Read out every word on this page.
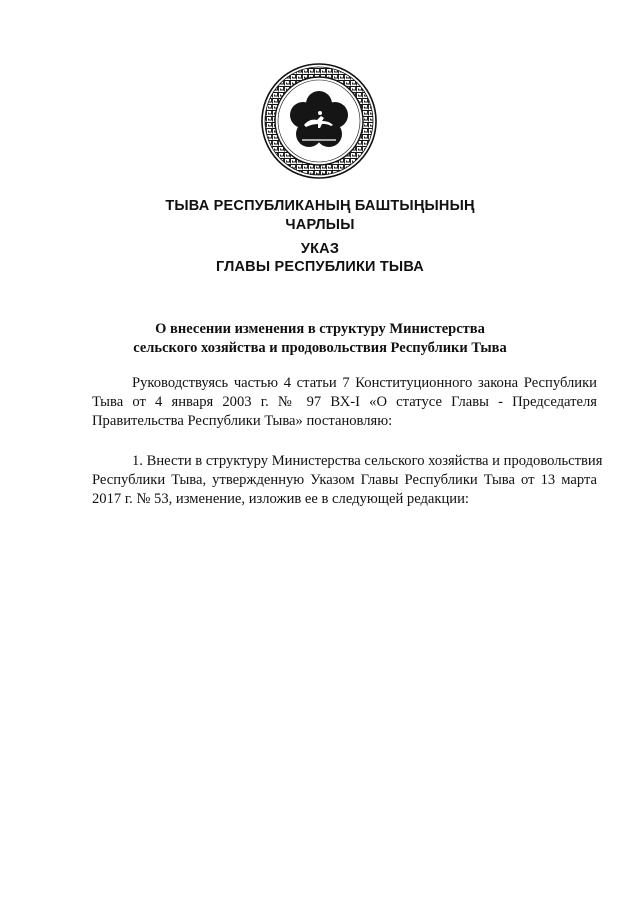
ТЫВА РЕСПУБЛИКАНЫҢ БАШТЫҢЫНЫҢ
ЧАРЛЫЫ
УКАЗ
ГЛАВЫ РЕСПУБЛИКИ ТЫВА
О внесении изменения в структуру Министерства
сельского хозяйства и продовольствия Республики Тыва
Руководствуясь частью 4 статьи 7 Конституционного закона Республики
Тыва от 4 января 2003 г. № 97 ВХ-I «О статусе Главы - Председателя
Правительства Республики Тыва» постановляю:
1. Внести в структуру Министерства сельского хозяйства и продовольствия
Республики Тыва, утвержденную Указом Главы Республики Тыва от 13 марта
2017 г. № 53, изменение, изложив ее в следующей редакции:
